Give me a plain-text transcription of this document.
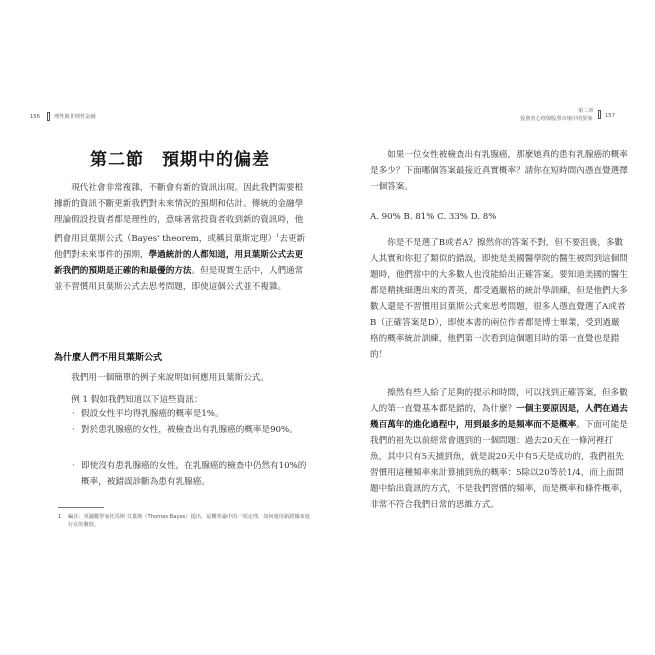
156	理性與非理性金融
第二節　預期中的偏差

現代社會非常複雜，不斷會有新的資訊出現。因此我們需要根據新的資訊不斷更新我們對未來情況的預期和估計。傳統的金融學理論假設投資者都是理性的，意味著當投資者收到新的資訊時，他們會用貝葉斯公式（Bayes' theorem，或稱貝葉斯定理）$^1$去更新他們對未來事件的預期，學過統計的人都知道，用貝葉斯公式去更新我們的預期是正確的和最優的方法。但是現實生活中，人們通常並不習慣用貝葉斯公式去思考問題，即使這個公式並不複雜。

為什麼人們不用貝葉斯公式

我們用一個簡單的例子來說明如何應用貝葉斯公式。

例 1 假如我們知道以下這些資訊：

‧ 假設女性平均得乳腺癌的概率是1%。

‧ 對於患乳腺癌的女性，被檢查出有乳腺癌的概率是90%。

‧ 即使沒有患乳腺癌的女性，在乳腺癌的檢查中仍然有10%的概率，被錯誤診斷為患有乳腺癌。

1	編註：英國數學家托馬斯‧貝葉斯（Thomas Bayes）提出，是概率論中的一項定理，如何運用新證據來進行在的數值。
第三章
投資者心理與股票市場中的異象 157

如果一位女性被檢查出有乳腺癌，那麼她真的患有乳腺癌的概率是多少？下面哪個答案最接近真實概率？請你在短時間內憑直覺選擇一個答案。

A. 90% B. 81% C. 33% D. 8%

你是不是選了B或者A？擦然你的答案不對，但不要沮喪，多數人其實和你犯了類似的錯誤，即使是美國醫學院的醫生被問到這個問題時，他們當中的大多數人也沒能給出正確答案。要知道美國的醫生都是精挑細選出來的菁英，都受過嚴格的統計學訓練，但是他們大多數人還是不習慣用貝葉斯公式來思考問題，很多人憑直覺選了A或者B（正確答案是D），即使本書的兩位作者都是博士畢業，受到過嚴格的概率統計訓練，他們第一次看到這個題目時的第一直覺也是錯的！

擦然有些人給了足夠的提示和時間，可以找到正確答案，但多數人的第一直覺基本都是錯的，為什麼？一個主要原因是，人們在過去幾百萬年的進化過程中，用到最多的是頻率而不是概率。下面可能是我們的祖先以前經常會遇到的一個問題：過去20天在一條河裡打魚，其中只有5天捕到魚，就是說20天中有5天是成功的，我們祖先習慣用這種頻率來計算捕到魚的概率：5除以20等於1/4，而上面問題中給出資訊的方式，不是我們習慣的頻率，而是概率和條件概率，非常不符合我們日常的思維方式。
